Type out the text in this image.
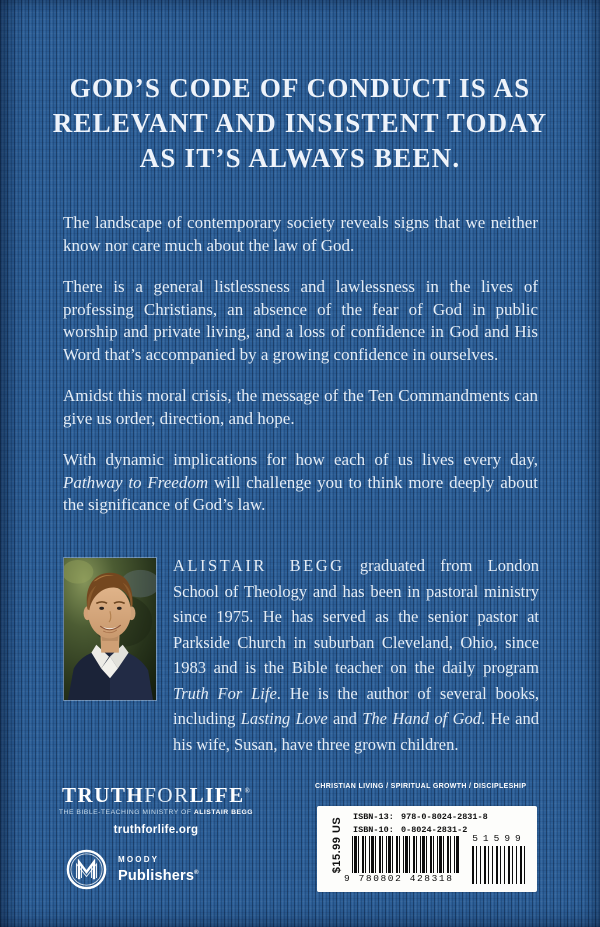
GOD’S CODE OF CONDUCT IS AS
RELEVANT AND INSISTENT TODAY
AS IT’S ALWAYS BEEN.

The landscape of contemporary society reveals signs that we neither know nor care much about the law of God.

There is a general listlessness and lawlessness in the lives of professing Christians, an absence of the fear of God in public worship and private living, and a loss of confidence in God and His Word that’s accompanied by a growing confidence in ourselves.

Amidst this moral crisis, the message of the Ten Commandments can give us order, direction, and hope.

With dynamic implications for how each of us lives every day, Pathway to Freedom will challenge you to think more deeply about the significance of God’s law.

ALISTAIR BEGG graduated from London School of Theology and has been in pastoral ministry since 1975. He has served as the senior pastor at Parkside Church in suburban Cleveland, Ohio, since 1983 and is the Bible teacher on the daily program Truth For Life. He is the author of several books, including Lasting Love and The Hand of God. He and his wife, Susan, have three grown children.
TRUTHFORLIFE®
THE BIBLE-TEACHING MINISTRY OF ALISTAIR BEGG
truthforlife.org
MOODY
Publishers®
CHRISTIAN LIVING / SPIRITUAL GROWTH / DISCIPLESHIP
$15.99 US ISBN-13: 978-0-8024-2831-8
ISBN-10: 0-8024-2831-2
9 780802 428318
51599
